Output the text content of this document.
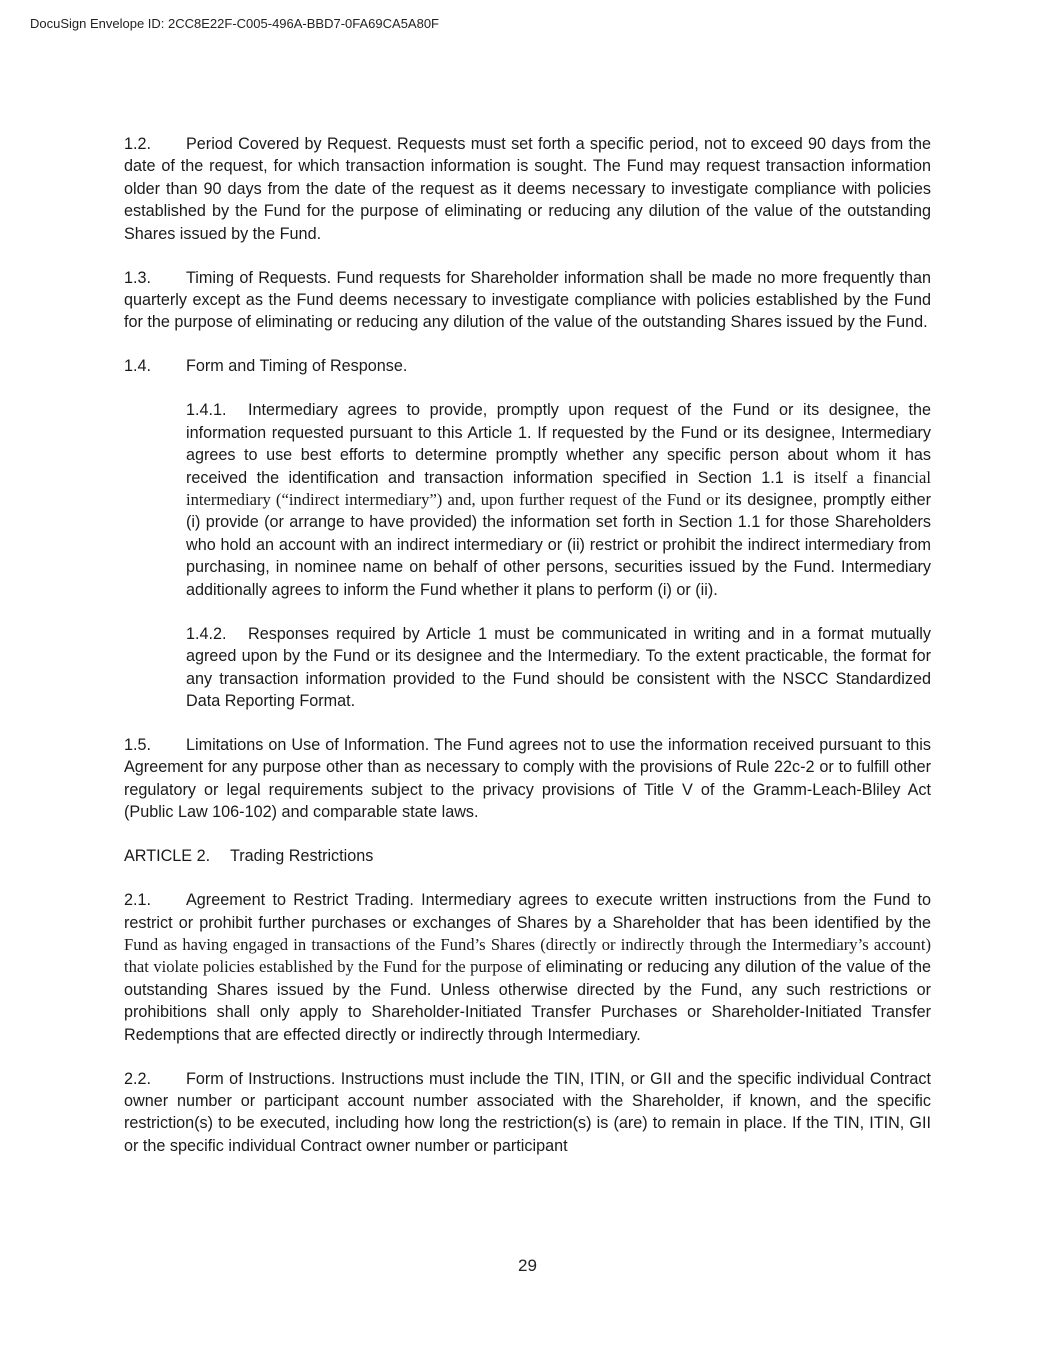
DocuSign Envelope ID: 2CC8E22F-C005-496A-BBD7-0FA69CA5A80F

1.2. Period Covered by Request. Requests must set forth a specific period, not to exceed 90 days from the date of the request, for which transaction information is sought. The Fund may request transaction information older than 90 days from the date of the request as it deems necessary to investigate compliance with policies established by the Fund for the purpose of eliminating or reducing any dilution of the value of the outstanding Shares issued by the Fund.

1.3. Timing of Requests. Fund requests for Shareholder information shall be made no more frequently than quarterly except as the Fund deems necessary to investigate compliance with policies established by the Fund for the purpose of eliminating or reducing any dilution of the value of the outstanding Shares issued by the Fund.

1.4. Form and Timing of Response.

1.4.1. Intermediary agrees to provide, promptly upon request of the Fund or its designee, the information requested pursuant to this Article 1. If requested by the Fund or its designee, Intermediary agrees to use best efforts to determine promptly whether any specific person about whom it has received the identification and transaction information specified in Section 1.1 is itself a financial intermediary (“indirect intermediary”) and, upon further request of the Fund or its designee, promptly either (i) provide (or arrange to have provided) the information set forth in Section 1.1 for those Shareholders who hold an account with an indirect intermediary or (ii) restrict or prohibit the indirect intermediary from purchasing, in nominee name on behalf of other persons, securities issued by the Fund. Intermediary additionally agrees to inform the Fund whether it plans to perform (i) or (ii).

1.4.2. Responses required by Article 1 must be communicated in writing and in a format mutually agreed upon by the Fund or its designee and the Intermediary. To the extent practicable, the format for any transaction information provided to the Fund should be consistent with the NSCC Standardized Data Reporting Format.

1.5. Limitations on Use of Information. The Fund agrees not to use the information received pursuant to this Agreement for any purpose other than as necessary to comply with the provisions of Rule 22c-2 or to fulfill other regulatory or legal requirements subject to the privacy provisions of Title V of the Gramm-Leach-Bliley Act (Public Law 106-102) and comparable state laws.

ARTICLE 2. Trading Restrictions

2.1. Agreement to Restrict Trading. Intermediary agrees to execute written instructions from the Fund to restrict or prohibit further purchases or exchanges of Shares by a Shareholder that has been identified by the Fund as having engaged in transactions of the Fund’s Shares (directly or indirectly through the Intermediary’s account) that violate policies established by the Fund for the purpose of eliminating or reducing any dilution of the value of the outstanding Shares issued by the Fund. Unless otherwise directed by the Fund, any such restrictions or prohibitions shall only apply to Shareholder-Initiated Transfer Purchases or Shareholder-Initiated Transfer Redemptions that are effected directly or indirectly through Intermediary.

2.2. Form of Instructions. Instructions must include the TIN, ITIN, or GII and the specific individual Contract owner number or participant account number associated with the Shareholder, if known, and the specific restriction(s) to be executed, including how long the restriction(s) is (are) to remain in place. If the TIN, ITIN, GII or the specific individual Contract owner number or participant

29
